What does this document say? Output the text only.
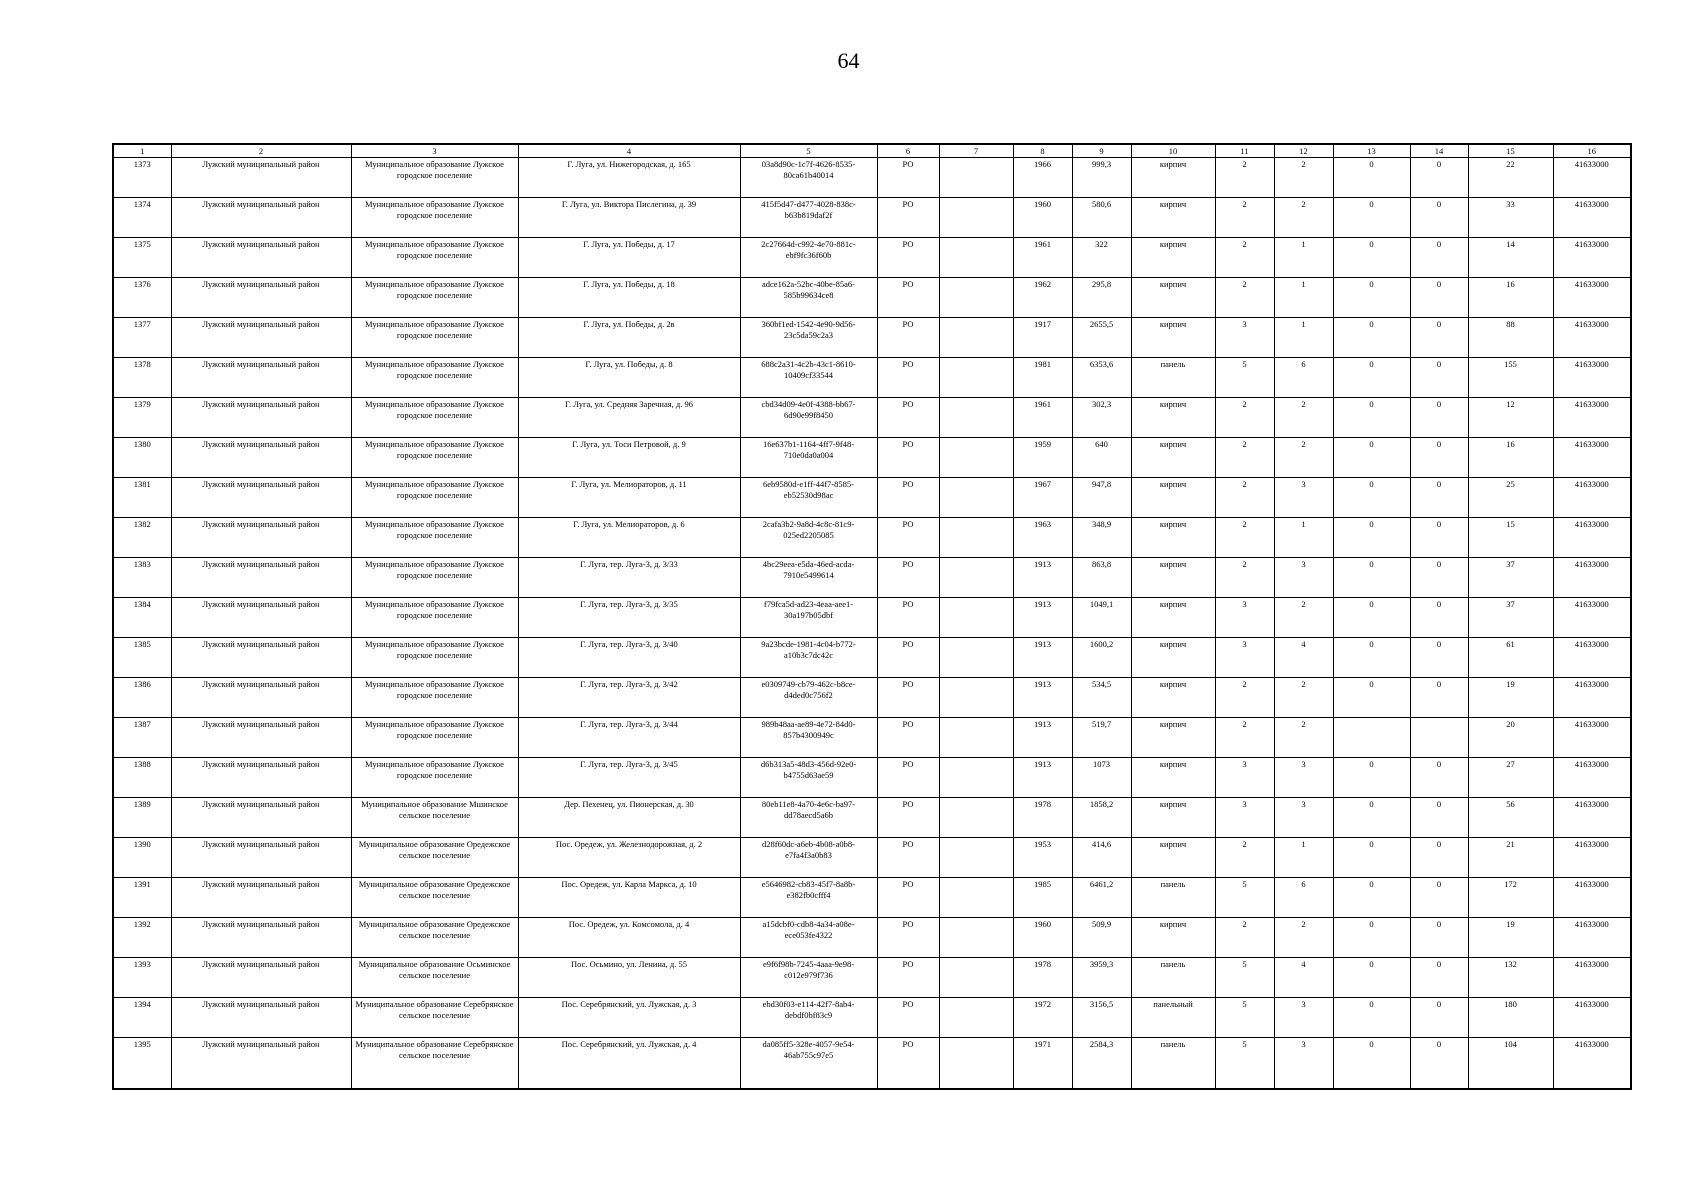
64
1	2	3	4	5	6	7	8	9	10	11	12	13	14	15	16
1373	Лужский муниципальный район	Муниципальное образование Лужское городское поселение	Г. Луга, ул. Нижегородская, д. 165	03a8d90c-1c7f-4626-8535-80ca61b40014	РО		1966	999,3	кирпич	2	2	0	0	22	41633000
1374	Лужский муниципальный район	Муниципальное образование Лужское городское поселение	Г. Луга, ул. Виктора Пислегина, д. 39	415f5d47-d477-4028-838c-b63b819daf2f	РО		1960	580,6	кирпич	2	2	0	0	33	41633000
1375	Лужский муниципальный район	Муниципальное образование Лужское городское поселение	Г. Луга, ул. Победы, д. 17	2c27664d-c992-4e70-881c-ebf9fc36f60b	РО		1961	322	кирпич	2	1	0	0	14	41633000
1376	Лужский муниципальный район	Муниципальное образование Лужское городское поселение	Г. Луга, ул. Победы, д. 18	adce162a-52bc-40be-85a6-585b99634ce8	РО		1962	295,8	кирпич	2	1	0	0	16	41633000
1377	Лужский муниципальный район	Муниципальное образование Лужское городское поселение	Г. Луга, ул. Победы, д. 2в	360bf1ed-1542-4e90-9d56-23c5da59c2a3	РО		1917	2655,5	кирпич	3	1	0	0	88	41633000
1378	Лужский муниципальный район	Муниципальное образование Лужское городское поселение	Г. Луга, ул. Победы, д. 8	688c2a31-4c2b-43c1-8610-10409cf33544	РО		1981	6353,6	панель	5	6	0	0	155	41633000
1379	Лужский муниципальный район	Муниципальное образование Лужское городское поселение	Г. Луга, ул. Средняя Заречная, д. 96	cbd34d09-4e0f-4388-bb67-6d90e99f8450	РО		1961	302,3	кирпич	2	2	0	0	12	41633000
1380	Лужский муниципальный район	Муниципальное образование Лужское городское поселение	Г. Луга, ул. Тоси Петровой, д. 9	16e637b1-1164-4ff7-9f48-710e0da0a004	РО		1959	640	кирпич	2	2	0	0	16	41633000
1381	Лужский муниципальный район	Муниципальное образование Лужское городское поселение	Г. Луга, ул. Мелиораторов, д. 11	6eb9580d-e1ff-44f7-8585-eb52530d98ac	РО		1967	947,8	кирпич	2	3	0	0	25	41633000
1382	Лужский муниципальный район	Муниципальное образование Лужское городское поселение	Г. Луга, ул. Мелиораторов, д. 6	2cafa3b2-9a8d-4c8c-81c9-025ed2205085	РО		1963	348,9	кирпич	2	1	0	0	15	41633000
1383	Лужский муниципальный район	Муниципальное образование Лужское городское поселение	Г. Луга, тер. Луга-3, д. 3/33	4bc29eea-e5da-46ed-acda-7910e5499614	РО		1913	863,8	кирпич	2	3	0	0	37	41633000
1384	Лужский муниципальный район	Муниципальное образование Лужское городское поселение	Г. Луга, тер. Луга-3, д. 3/35	f79fca5d-ad23-4eaa-aee1-30a197b05dbf	РО		1913	1049,1	кирпич	3	2	0	0	37	41633000
1385	Лужский муниципальный район	Муниципальное образование Лужское городское поселение	Г. Луга, тер. Луга-3, д. 3/40	9a23bcde-1981-4c04-b772-a10b3c7dc42c	РО		1913	1600,2	кирпич	3	4	0	0	61	41633000
1386	Лужский муниципальный район	Муниципальное образование Лужское городское поселение	Г. Луга, тер. Луга-3, д. 3/42	e0309749-cb79-462c-b8ce-d4ded0c756f2	РО		1913	534,5	кирпич	2	2	0	0	19	41633000
1387	Лужский муниципальный район	Муниципальное образование Лужское городское поселение	Г. Луга, тер. Луга-3, д. 3/44	989b48aa-ae89-4e72-84d0-857b4300949c	РО		1913	519,7	кирпич	2	2			20	41633000
1388	Лужский муниципальный район	Муниципальное образование Лужское городское поселение	Г. Луга, тер. Луга-3, д. 3/45	d6b313a5-48d3-456d-92e0-b4755d63ae59	РО		1913	1073	кирпич	3	3	0	0	27	41633000
1389	Лужский муниципальный район	Муниципальное образование Мшинское сельское поселение	Дер. Пехенец, ул. Пионерская, д. 30	80eb11e8-4a70-4e6c-ba97-dd78aecd5a6b	РО		1978	1858,2	кирпич	3	3	0	0	56	41633000
1390	Лужский муниципальный район	Муниципальное образование Оредежское сельское поселение	Пос. Оредеж, ул. Железнодорожная, д. 2	d28f60dc-a6eb-4b08-a0b8-e7fa4f3a0b83	РО		1953	414,6	кирпич	2	1	0	0	21	41633000
1391	Лужский муниципальный район	Муниципальное образование Оредежское сельское поселение	Пос. Оредеж, ул. Карла Маркса, д. 10	e5646982-cb83-45f7-8a8b-e382fb0cfff4	РО		1985	6461,2	панель	5	6	0	0	172	41633000
1392	Лужский муниципальный район	Муниципальное образование Оредежское сельское поселение	Пос. Оредеж, ул. Комсомола, д. 4	a15dcbf0-cdb8-4a34-a08e-ece053fe4322	РО		1960	509,9	кирпич	2	2	0	0	19	41633000
1393	Лужский муниципальный район	Муниципальное образование Осьминское сельское поселение	Пос. Осьмино, ул. Ленина, д. 55	e9f6f98b-7245-4aaa-9e98-c012e979f736	РО		1978	3959,3	панель	5	4	0	0	132	41633000
1394	Лужский муниципальный район	Муниципальное образование Серебрянское сельское поселение	Пос. Серебрянский, ул. Лужская, д. 3	ebd30f03-e114-42f7-8ab4-debdf0bf83c9	РО		1972	3156,5	панельный	5	3	0	0	180	41633000
1395	Лужский муниципальный район	Муниципальное образование Серебрянское сельское поселение	Пос. Серебрянский, ул. Лужская, д. 4	da085ff5-328e-4057-9e54-46ab755c97e5	РО		1971	2584,3	панель	5	3	0	0	104	41633000
